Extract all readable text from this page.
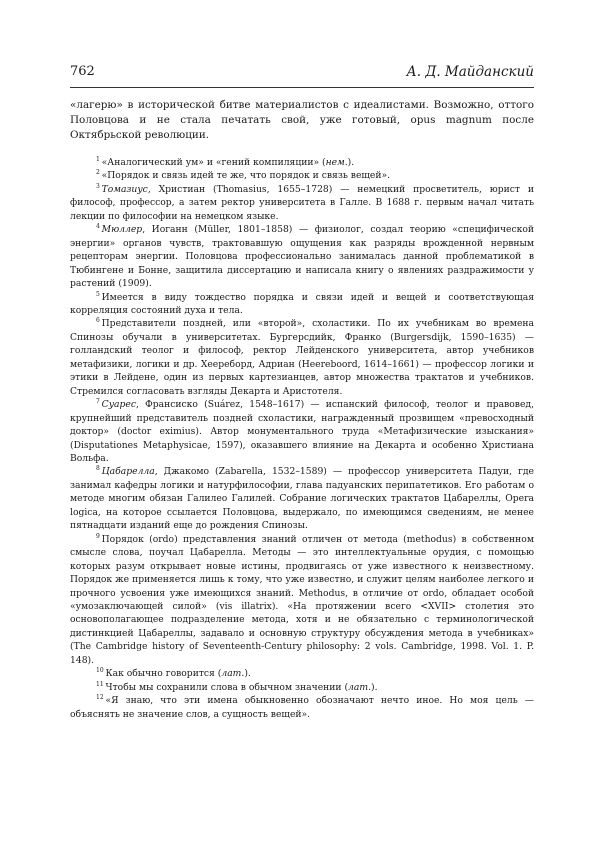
762	А. Д. Майданский

«лагерю» в исторической битве материалистов с идеалистами. Возможно, оттого Половцова и не стала печатать свой, уже готовый, opus magnum после Октябрьской революции.

$^1$  «Аналогический ум» и «гений компиляции» (нем.).

$^2$  «Порядок и связь идей те же, что порядок и связь вещей».

$^3$  Томазиус, Христиан (Thomasius, 1655–1728) — немецкий просветитель, юрист и философ, профессор, а затем ректор университета в Галле. В 1688 г. первым начал читать лекции по философии на немецком языке.

$^4$  Мюллер, Иоганн (Müller, 1801–1858) — физиолог, создал теорию «специфической энергии» органов чувств, трактовавшую ощущения как разряды врожденной нервным рецепторам энергии. Половцова профессионально занималась данной проблематикой в Тюбингене и Бонне, защитила диссертацию и написала книгу о явлениях раздражимости у растений (1909).

$^5$  Имеется в виду тождество порядка и связи идей и вещей и соответствующая корреляция состояний духа и тела.

$^6$  Представители поздней, или «второй», схоластики. По их учебникам во времена Спинозы обучали в университетах. Бургерсдийк, Франко (Burgersdijk, 1590–1635) — голландский теолог и философ, ректор Лейденского университета, автор учебников метафизики, логики и др. Хеереборд, Адриан (Heereboord, 1614–1661) — профессор логики и этики в Лейдене, один из первых картезианцев, автор множества трактатов и учебников. Стремился согласовать взгляды Декарта и Аристотеля.

$^7$  Суарес, Франсиско (Suárez, 1548–1617) — испанский философ, теолог и правовед, крупнейший представитель поздней схоластики, награжденный прозвищем «превосходный доктор» (doctor eximius). Автор монументального труда «Метафизические изыскания» (Disputationes Metaphysicae, 1597), оказавшего влияние на Декарта и особенно Христиана Вольфа.

$^8$  Цабарелла, Джакомо (Zabarella, 1532–1589) — профессор университета Падуи, где занимал кафедры логики и натурфилософии, глава падуанских перипатетиков. Его работам о методе многим обязан Галилео Галилей. Собрание логических трактатов Цабареллы, Opera logica, на которое ссылается Половцова, выдержало, по имеющимся сведениям, не менее пятнадцати изданий еще до рождения Спинозы.

$^9$  Порядок (ordo) представления знаний отличен от метода (methodus) в собственном смысле слова, поучал Цабарелла. Методы — это интеллектуальные орудия, с помощью которых разум открывает новые истины, продвигаясь от уже известного к неизвестному. Порядок же применяется лишь к тому, что уже известно, и служит целям наиболее легкого и прочного усвоения уже имеющихся знаний. Methodus, в отличие от ordo, обладает особой «умозаключающей силой» (vis illatrix). «На протяжении всего <XVII> столетия это основополагающее подразделение метода, хотя и не обязательно с терминологической дистинкцией Цабареллы, задавало и основную структуру обсуждения метода в учебниках» (The Cambridge history of Seventeenth-Century philosophy: 2 vols. Cambridge, 1998. Vol. 1. P. 148).

$^{10}$  Как обычно говорится (лат.).

$^{11}$  Чтобы мы сохранили слова в обычном значении (лат.).

$^{12}$  «Я знаю, что эти имена обыкновенно обозначают нечто иное. Но моя цель — объяснять не значение слов, а сущность вещей».
